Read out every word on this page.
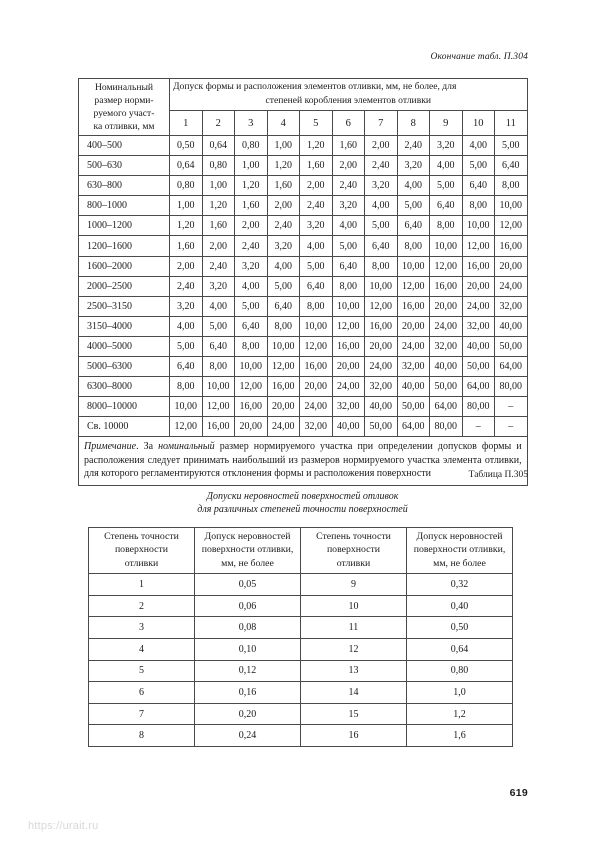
Окончание табл. П.304
Номинальный
размер норми-
руемого участ-
ка отливки, мм

Допуск формы и расположения элементов отливки, мм, не более, для
степеней коробления элементов отливки

	1	2	3	4	5	6	7	8	9	10	11
400–500	0,50	0,64	0,80	1,00	1,20	1,60	2,00	2,40	3,20	4,00	5,00
500–630	0,64	0,80	1,00	1,20	1,60	2,00	2,40	3,20	4,00	5,00	6,40
630–800	0,80	1,00	1,20	1,60	2,00	2,40	3,20	4,00	5,00	6,40	8,00
800–1000	1,00	1,20	1,60	2,00	2,40	3,20	4,00	5,00	6,40	8,00	10,00
1000–1200	1,20	1,60	2,00	2,40	3,20	4,00	5,00	6,40	8,00	10,00	12,00
1200–1600	1,60	2,00	2,40	3,20	4,00	5,00	6,40	8,00	10,00	12,00	16,00
1600–2000	2,00	2,40	3,20	4,00	5,00	6,40	8,00	10,00	12,00	16,00	20,00
2000–2500	2,40	3,20	4,00	5,00	6,40	8,00	10,00	12,00	16,00	20,00	24,00
2500–3150	3,20	4,00	5,00	6,40	8,00	10,00	12,00	16,00	20,00	24,00	32,00
3150–4000	4,00	5,00	6,40	8,00	10,00	12,00	16,00	20,00	24,00	32,00	40,00
4000–5000	5,00	6,40	8,00	10,00	12,00	16,00	20,00	24,00	32,00	40,00	50,00
5000–6300	6,40	8,00	10,00	12,00	16,00	20,00	24,00	32,00	40,00	50,00	64,00
6300–8000	8,00	10,00	12,00	16,00	20,00	24,00	32,00	40,00	50,00	64,00	80,00
8000–10000	10,00	12,00	16,00	20,00	24,00	32,00	40,00	50,00	64,00	80,00	–
Св. 10000	12,00	16,00	20,00	24,00	32,00	40,00	50,00	64,00	80,00	–	–
Примечание. За номинальный размер нормируемого участка при определении допусков формы и расположения следует принимать наибольший из размеров нормируемого участка элемента отливки, для которого регламентируются отклонения формы и расположения поверхности												Таблица П.305
Допуски неровностей поверхностей отливок
для различных степеней точности поверхностей
Степень точности
поверхности
отливки

Допуск неровностей
поверхности отливки,
мм, не более

Степень точности
поверхности
отливки

Допуск неровностей
поверхности отливки,
мм, не более

1	0,05	9	0,32
2	0,06	10	0,40
3	0,08	11	0,50
4	0,10	12	0,64
5	0,12	13	0,80
6	0,16	14	1,0
7	0,20	15	1,2
8	0,24	16	1,6
619
https://urait.ru
